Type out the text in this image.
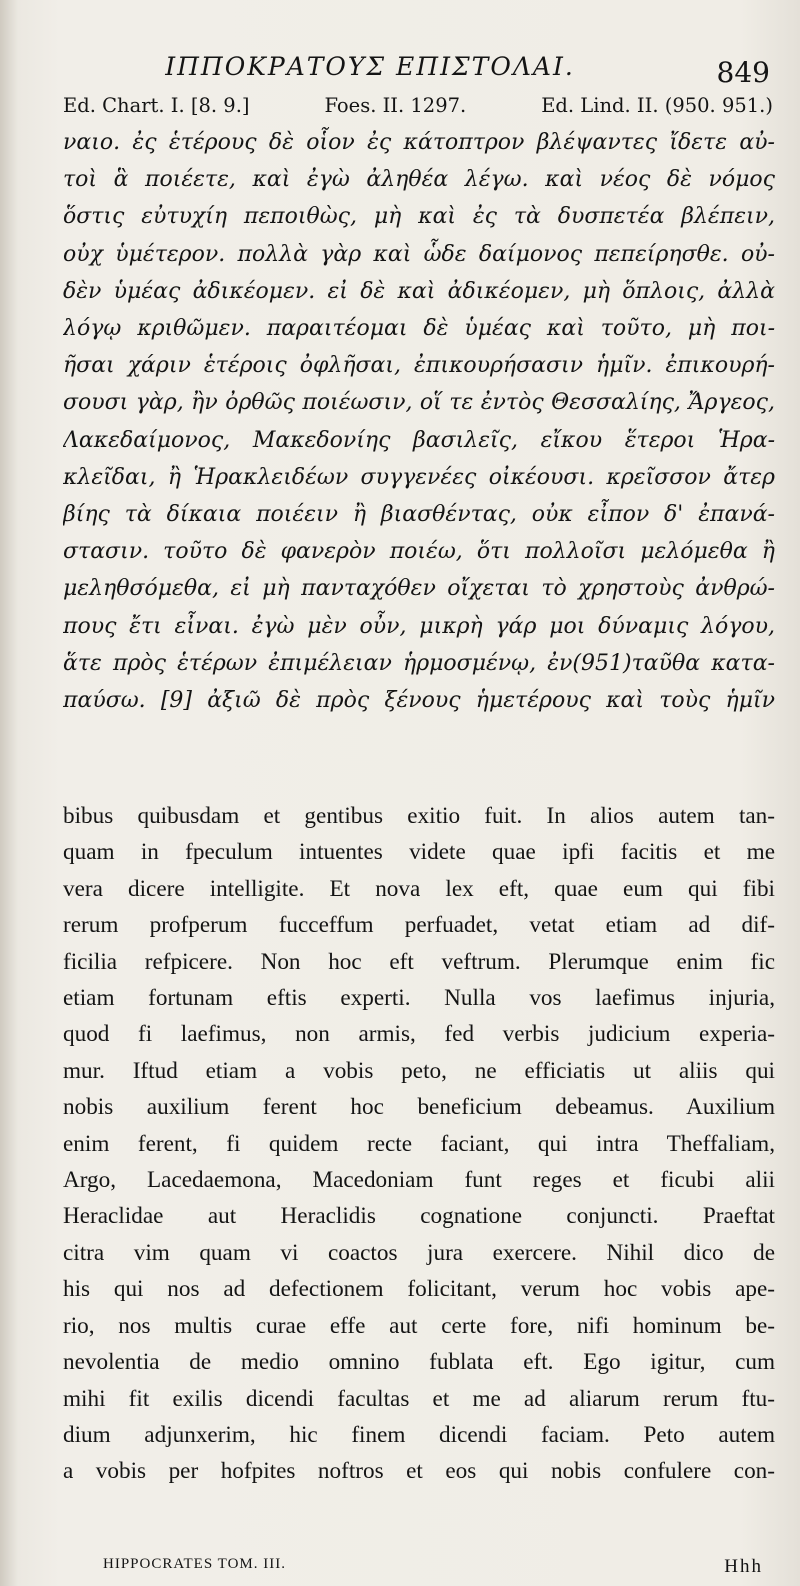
ΙΠΠΟΚΡΑΤΟΥΣ ΕΠΙΣΤΟΛΑΙ.	849
Ed. Chart. I. [8. 9.]	Foes. II. 1297.	Ed. Lind. II. (950. 951.)
ναιο. ἐς ἑτέρους δὲ οἷον ἐς κάτοπτρον βλέψαντες ἴδετε αὐ-
τοὶ ἃ ποιέετε, καὶ ἐγὼ ἀληθέα λέγω. καὶ νέος δὲ νόμος
ὅστις εὐτυχίη πεποιθὼς, μὴ καὶ ἐς τὰ δυσπετέα βλέπειν,
οὐχ ὑμέτερον. πολλὰ γὰρ καὶ ὧδε δαίμονος πεπείρησθε. οὐ-
δὲν ὑμέας ἀδικέομεν. εἰ δὲ καὶ ἀδικέομεν, μὴ ὅπλοις, ἀλλὰ
λόγῳ κριθῶμεν. παραιτέομαι δὲ ὑμέας καὶ τοῦτο, μὴ ποι-
ῆσαι χάριν ἑτέροις ὀφλῆσαι, ἐπικουρήσασιν ἡμῖν. ἐπικουρή-
σουσι γὰρ, ἢν ὀρθῶς ποιέωσιν, οἵ τε ἐντὸς Θεσσαλίης, Ἄργεος,
Λακεδαίμονος, Μακεδονίης βασιλεῖς, εἴκου ἕτεροι Ἡρα-
κλεῖδαι, ἢ Ἡρακλειδέων συγγενέες οἰκέουσι. κρεῖσσον ἄτερ
βίης τὰ δίκαια ποιέειν ἢ βιασθέντας, οὐκ εἶπον δ' ἐπανά-
στασιν. τοῦτο δὲ φανερὸν ποιέω, ὅτι πολλοῖσι μελόμεθα ἢ
μεληθσόμεθα, εἰ μὴ πανταχόθεν οἴχεται τὸ χρηστοὺς ἀνθρώ-
πους ἔτι εἶναι. ἐγὼ μὲν οὖν, μικρὴ γάρ μοι δύναμις λόγου,
ἅτε πρὸς ἑτέρων ἐπιμέλειαν ἡρμοσμένῳ, ἐν(951)ταῦθα κατα-
παύσω. [9] ἀξιῶ δὲ πρὸς ξένους ἡμετέρους καὶ τοὺς ἡμῖν
bibus quibusdam et gentibus exitio fuit. In alios autem tan-
quam in fpeculum intuentes videte quae ipfi facitis et me
vera dicere intelligite. Et nova lex eft, quae eum qui fibi
rerum profperum fucceffum perfuadet, vetat etiam ad dif-
ficilia refpicere. Non hoc eft veftrum. Plerumque enim fic
etiam fortunam eftis experti. Nulla vos laefimus injuria,
quod fi laefimus, non armis, fed verbis judicium experia-
mur. Iftud etiam a vobis peto, ne efficiatis ut aliis qui
nobis auxilium ferent hoc beneficium debeamus. Auxilium
enim ferent, fi quidem recte faciant, qui intra Theffaliam,
Argo, Lacedaemona, Macedoniam funt reges et ficubi alii
Heraclidae aut Heraclidis cognatione conjuncti. Praeftat
citra vim quam vi coactos jura exercere. Nihil dico de
his qui nos ad defectionem folicitant, verum hoc vobis ape-
rio, nos multis curae effe aut certe fore, nifi hominum be-
nevolentia de medio omnino fublata eft. Ego igitur, cum
mihi fit exilis dicendi facultas et me ad aliarum rerum ftu-
dium adjunxerim, hic finem dicendi faciam. Peto autem
a vobis per hofpites noftros et eos qui nobis confulere con-
HIPPOCRATES TOM. III.	Hhh
